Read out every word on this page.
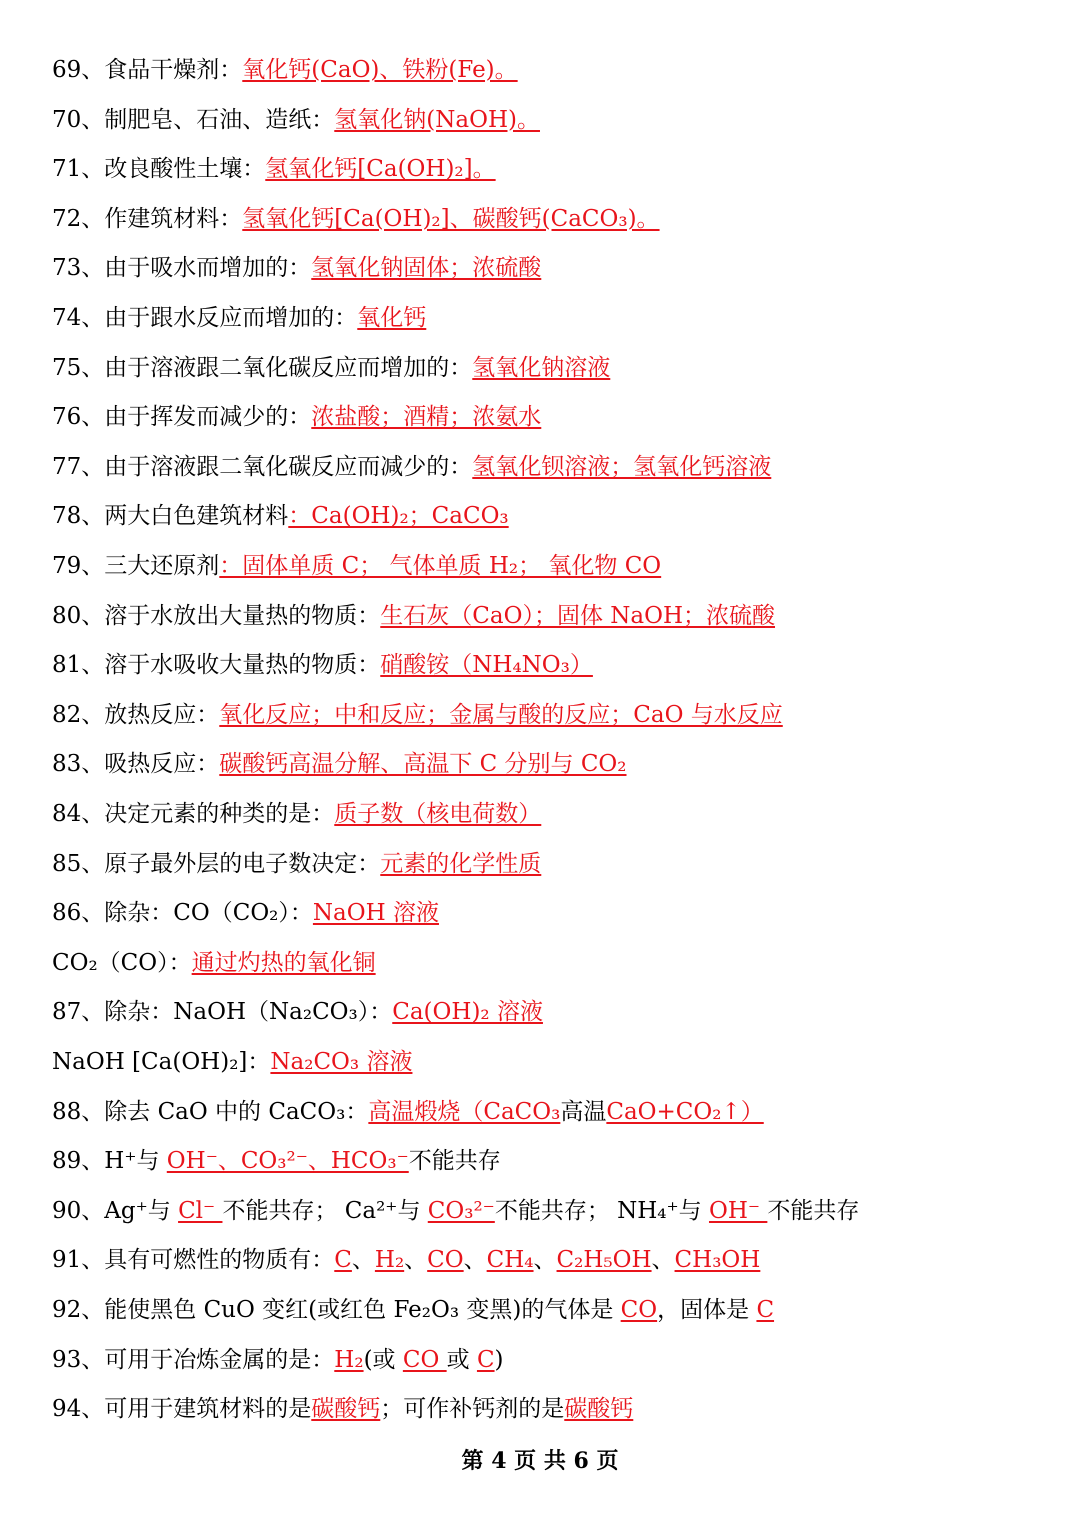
69、食品干燥剂：氧化钙(CaO)、铁粉(Fe)。
70、制肥皂、石油、造纸：氢氧化钠(NaOH)。
71、改良酸性土壤：氢氧化钙[Ca(OH)₂]。
72、作建筑材料：氢氧化钙[Ca(OH)₂]、碳酸钙(CaCO₃)。
73、由于吸水而增加的：氢氧化钠固体；浓硫酸
74、由于跟水反应而增加的：氧化钙
75、由于溶液跟二氧化碳反应而增加的：氢氧化钠溶液
76、由于挥发而减少的：浓盐酸；酒精；浓氨水
77、由于溶液跟二氧化碳反应而减少的：氢氧化钡溶液；氢氧化钙溶液
78、两大白色建筑材料：Ca(OH)₂；CaCO₃
79、三大还原剂：固体单质 C； 气体单质 H₂； 氧化物 CO
80、溶于水放出大量热的物质：生石灰（CaO）；固体 NaOH；浓硫酸
81、溶于水吸收大量热的物质：硝酸铵（NH₄NO₃）
82、放热反应：氧化反应；中和反应；金属与酸的反应；CaO 与水反应
83、吸热反应：碳酸钙高温分解、高温下 C 分别与 CO₂
84、决定元素的种类的是：质子数（核电荷数）
85、原子最外层的电子数决定：元素的化学性质
86、除杂：CO（CO₂）：NaOH 溶液
CO₂（CO）：通过灼热的氧化铜
87、除杂：NaOH（Na₂CO₃）：Ca(OH)₂ 溶液
NaOH [Ca(OH)₂]：Na₂CO₃ 溶液
88、除去 CaO 中的 CaCO₃：高温煅烧（CaCO₃高温CaO+CO₂↑）
89、H⁺与 OH⁻、CO₃²⁻、HCO₃⁻不能共存
90、Ag⁺与 Cl⁻ 不能共存； Ca²⁺与 CO₃²⁻不能共存； NH₄⁺与 OH⁻ 不能共存
91、具有可燃性的物质有：C、H₂、CO、CH₄、C₂H₅OH、CH₃OH
92、能使黑色 CuO 变红(或红色 Fe₂O₃ 变黑)的气体是 CO，固体是 C
93、可用于冶炼金属的是：H₂(或 CO 或 C)
94、可用于建筑材料的是碳酸钙；可作补钙剂的是碳酸钙
第 4 页 共 6 页
